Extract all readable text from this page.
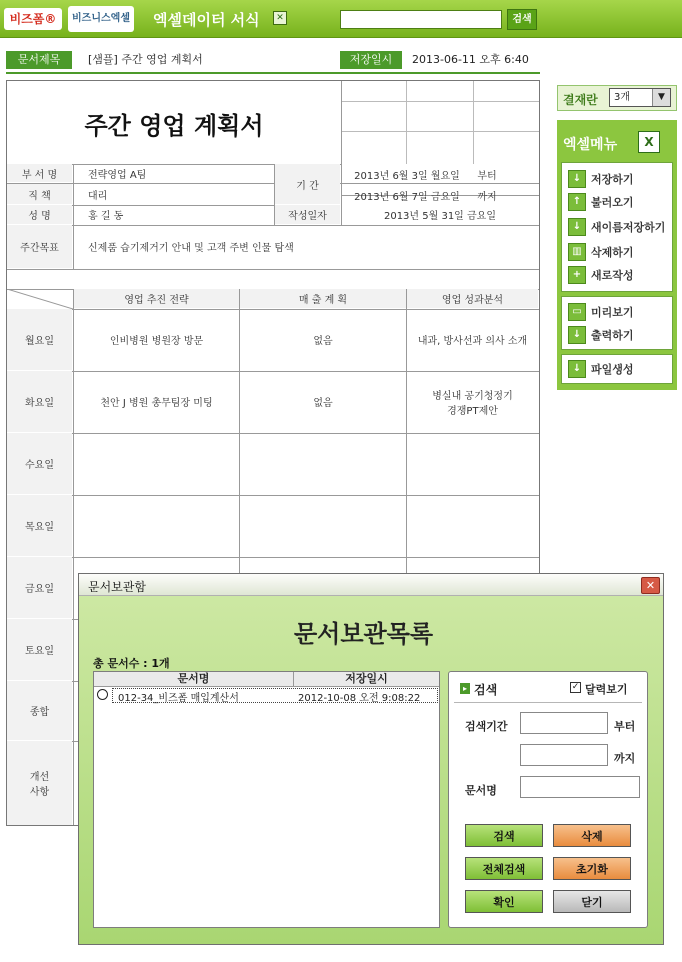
비즈폼®	비즈니스엑셀 엑셀데이터 서식	✕	검색
문서제목	[샘플] 주간 영업 계획서	저장일시	2013-06-11 오후 6:40
주간 영업 계획서
부 서 명	전략영업 A팀
직 책	대리
성 명	홍 길 동
기 간
2013년 6월 3일 월요일	부터
2013년 6월 7일 금요일	까지
작성일자	2013년 5월 31일 금요일
주간목표	신제품 습기제거기 안내 및 고객 주변 인물 탐색
영업 추진 전략	매 출 계 획	영업 성과분석
월요일	인비병원 병원장 방문	없음	내과, 방사선과 의사 소개
화요일	천안 J 병원 총무팀장 미팅	없음
병실내 공기청정기
경쟁PT제안
수요일
목요일
금요일
토요일
종합
개선
사항
결재란	3개	▼
엑셀메뉴	X
↓ 저장하기
↑ 불러오기
↓ 새이름저장하기
▥ 삭제하기
+ 새로작성
▭ 미리보기
↓ 출력하기
↓ 파일생성
문서보관함	✕
문서보관목록
총 문서수 : 1개
문서명	저장일시
012-34_비즈폼 매입계산서	2012-10-08 오전 9:08:22
▸ 검색	✓ 달력보기
검색기간	부터
까지
문서명
검색	삭제
전체검색	초기화
확인	닫기
